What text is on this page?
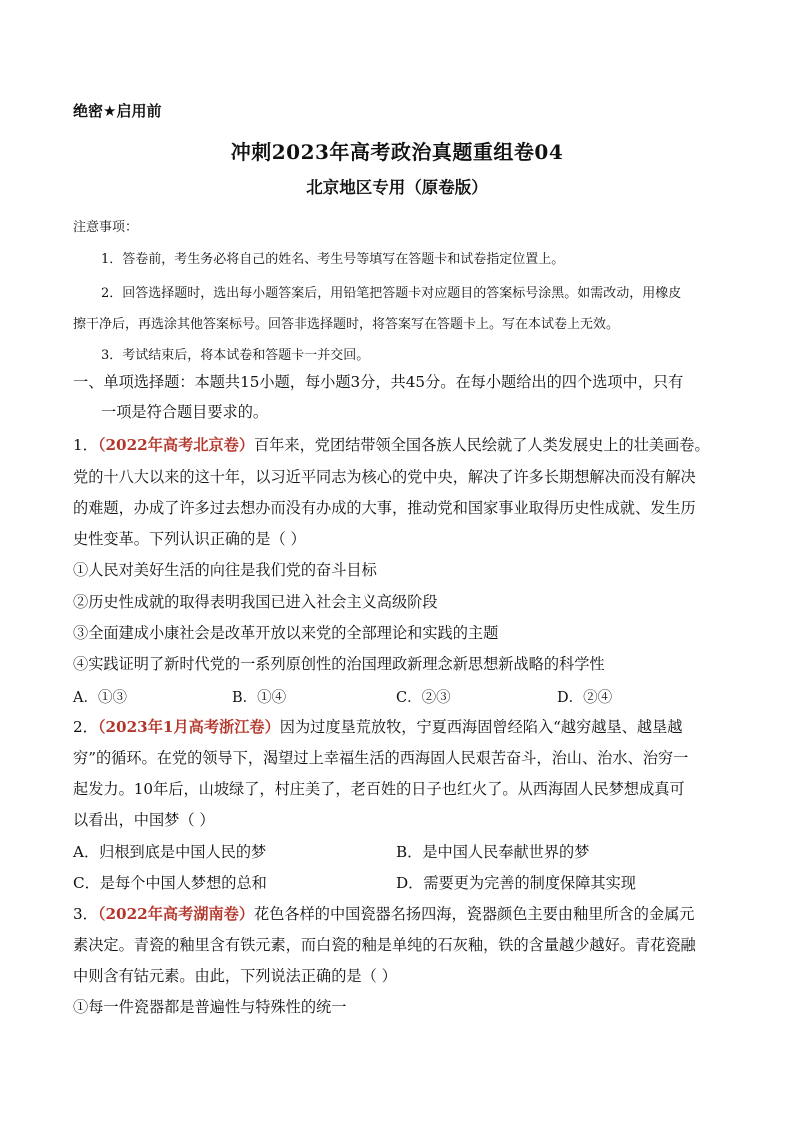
绝密★启用前
冲刺2023年高考政治真题重组卷04
北京地区专用（原卷版）
注意事项：
1．答卷前，考生务必将自己的姓名、考生号等填写在答题卡和试卷指定位置上。
2．回答选择题时，选出每小题答案后，用铅笔把答题卡对应题目的答案标号涂黑。如需改动，用橡皮
擦干净后，再选涂其他答案标号。回答非选择题时，将答案写在答题卡上。写在本试卷上无效。
3．考试结束后，将本试卷和答题卡一并交回。
一、单项选择题：本题共15小题，每小题3分，共45分。在每小题给出的四个选项中，只有
一项是符合题目要求的。
1．（2022年高考北京卷）百年来，党团结带领全国各族人民绘就了人类发展史上的壮美画卷。
党的十八大以来的这十年，以习近平同志为核心的党中央，解决了许多长期想解决而没有解决
的难题，办成了许多过去想办而没有办成的大事，推动党和国家事业取得历史性成就、发生历
史性变革。下列认识正确的是（ ）
①人民对美好生活的向往是我们党的奋斗目标
②历史性成就的取得表明我国已进入社会主义高级阶段
③全面建成小康社会是改革开放以来党的全部理论和实践的主题
④实践证明了新时代党的一系列原创性的治国理政新理念新思想新战略的科学性
A．①③	B．①④	C．②③	D．②④
2．（2023年1月高考浙江卷）因为过度垦荒放牧，宁夏西海固曾经陷入“越穷越垦、越垦越
穷”的循环。在党的领导下，渴望过上幸福生活的西海固人民艰苦奋斗，治山、治水、治穷一
起发力。10年后，山坡绿了，村庄美了，老百姓的日子也红火了。从西海固人民梦想成真可
以看出，中国梦（ ）
A．归根到底是中国人民的梦	B．是中国人民奉献世界的梦
C．是每个中国人梦想的总和	D．需要更为完善的制度保障其实现
3．（2022年高考湖南卷）花色各样的中国瓷器名扬四海，瓷器颜色主要由釉里所含的金属元
素决定。青瓷的釉里含有铁元素，而白瓷的釉是单纯的石灰釉，铁的含量越少越好。青花瓷融
中则含有钴元素。由此，下列说法正确的是（ ）
①每一件瓷器都是普遍性与特殊性的统一
